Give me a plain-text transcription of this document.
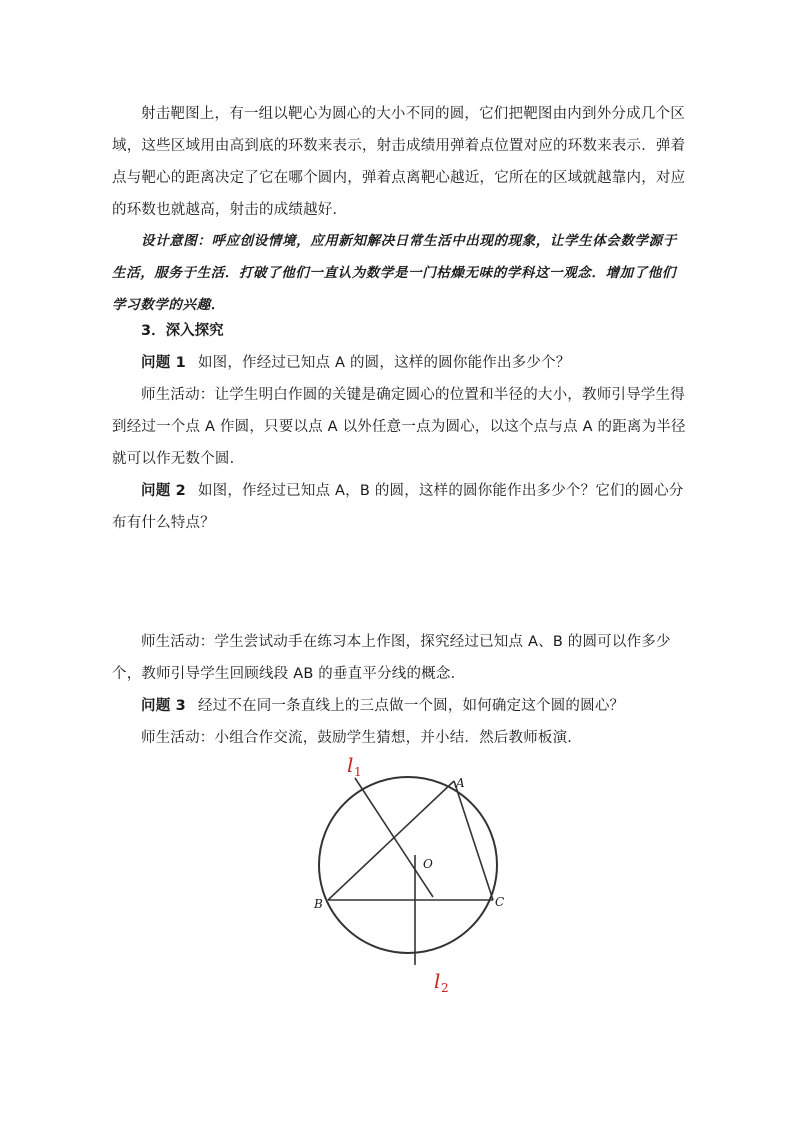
射击靶图上，有一组以靶心为圆心的大小不同的圆，它们把靶图由内到外分成几个区域，这些区域用由高到底的环数来表示，射击成绩用弹着点位置对应的环数来表示．弹着点与靶心的距离决定了它在哪个圆内，弹着点离靶心越近，它所在的区域就越靠内，对应的环数也就越高，射击的成绩越好．

设计意图：呼应创设情境，应用新知解决日常生活中出现的现象，让学生体会数学源于生活，服务于生活．打破了他们一直认为数学是一门枯燥无味的学科这一观念．增加了他们学习数学的兴趣．

3．深入探究

问题 1 如图，作经过已知点 A 的圆，这样的圆你能作出多少个？

师生活动：让学生明白作圆的关键是确定圆心的位置和半径的大小，教师引导学生得到经过一个点 A 作圆，只要以点 A 以外任意一点为圆心，以这个点与点 A 的距离为半径就可以作无数个圆．

问题 2 如图，作经过已知点 A，B 的圆，这样的圆你能作出多少个？它们的圆心分布有什么特点？

师生活动：学生尝试动手在练习本上作图，探究经过已知点 A、B 的圆可以作多少个，教师引导学生回顾线段 AB 的垂直平分线的概念．

问题 3 经过不在同一条直线上的三点做一个圆，如何确定这个圆的圆心？

师生活动：小组合作交流，鼓励学生猜想，并小结．然后教师板演．

A
B	C
O
l 1
l 2
